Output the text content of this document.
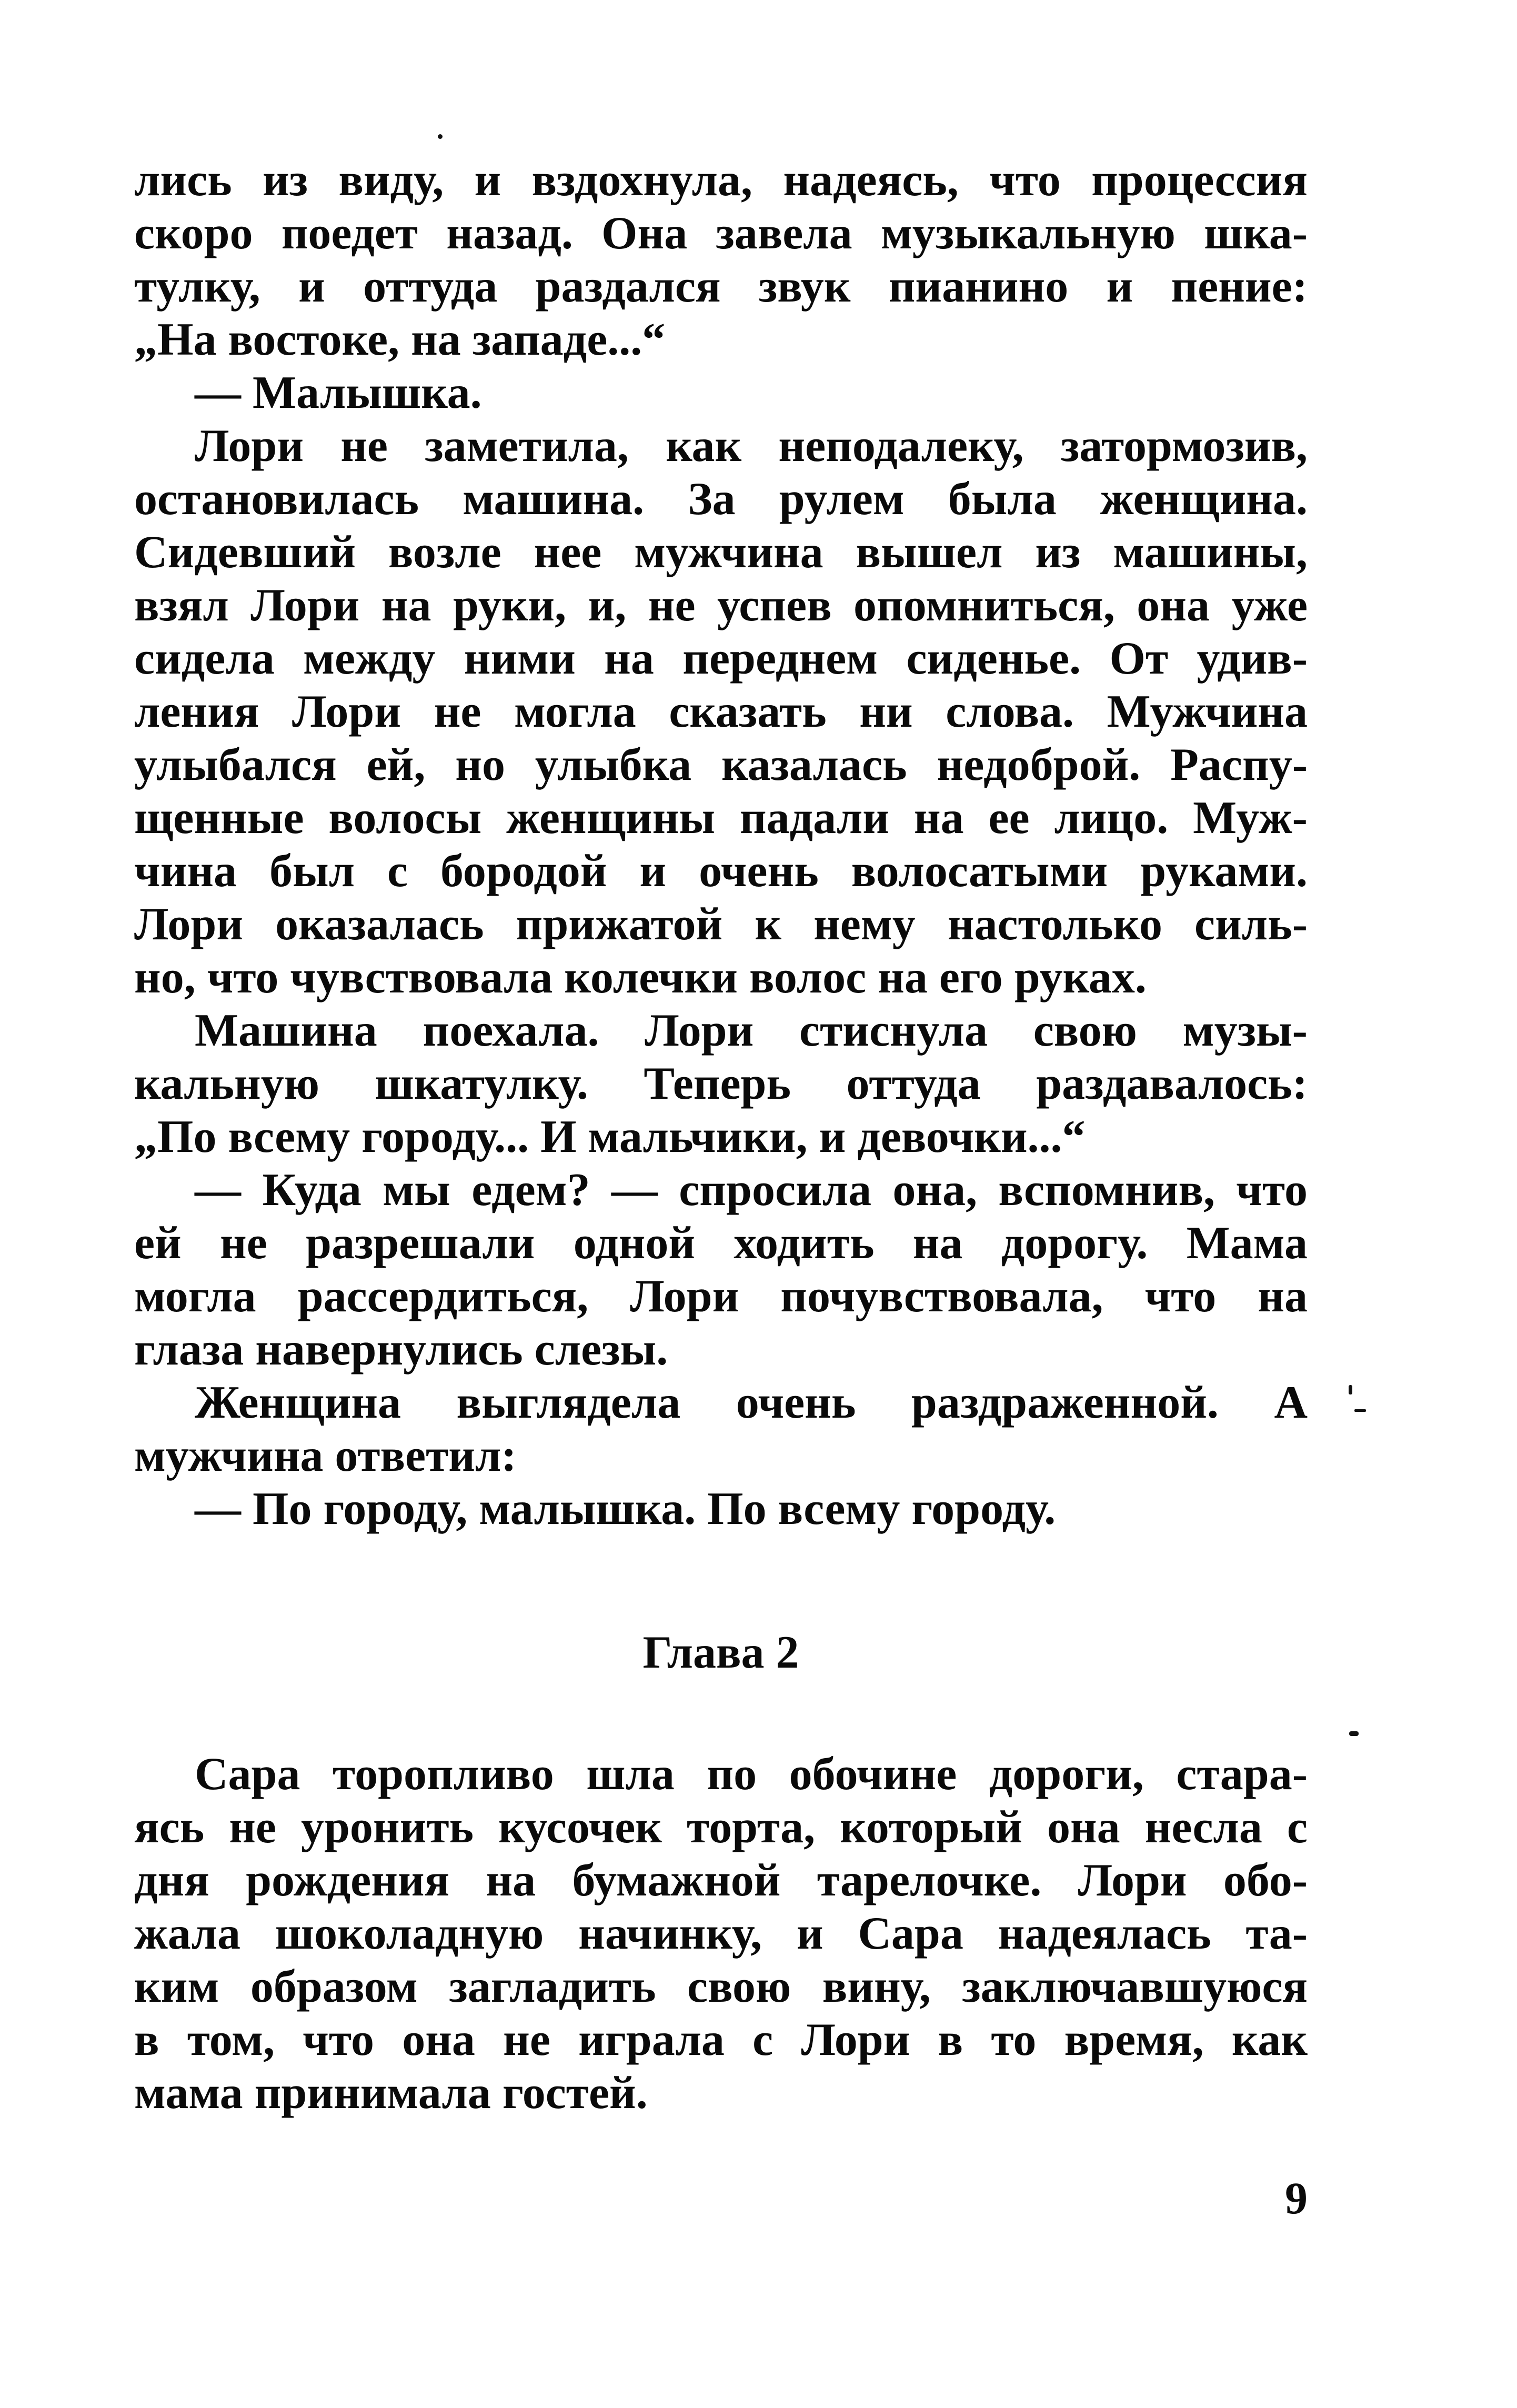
лись из виду, и вздохнула, надеясь, что процессия
скоро поедет назад. Она завела музыкальную шка-
тулку, и оттуда раздался звук пианино и пение:
„На востоке, на западе...“
— Малышка.
Лори не заметила, как неподалеку, затормозив,
остановилась машина. За рулем была женщина.
Сидевший возле нее мужчина вышел из машины,
взял Лори на руки, и, не успев опомниться, она уже
сидела между ними на переднем сиденье. От удив-
ления Лори не могла сказать ни слова. Мужчина
улыбался ей, но улыбка казалась недоброй. Распу-
щенные волосы женщины падали на ее лицо. Муж-
чина был с бородой и очень волосатыми руками.
Лори оказалась прижатой к нему настолько силь-
но, что чувствовала колечки волос на его руках.
Машина поехала. Лори стиснула свою музы-
кальную шкатулку. Теперь оттуда раздавалось:
„По всему городу... И мальчики, и девочки...“
— Куда мы едем? — спросила она, вспомнив, что
ей не разрешали одной ходить на дорогу. Мама
могла рассердиться, Лори почувствовала, что на
глаза навернулись слезы.
Женщина выглядела очень раздраженной. А
мужчина ответил:
— По городу, малышка. По всему городу.
Глава 2
Сара торопливо шла по обочине дороги, стара-
ясь не уронить кусочек торта, который она несла с
дня рождения на бумажной тарелочке. Лори обо-
жала шоколадную начинку, и Сара надеялась та-
ким образом загладить свою вину, заключавшуюся
в том, что она не играла с Лори в то время, как
мама принимала гостей.
9
